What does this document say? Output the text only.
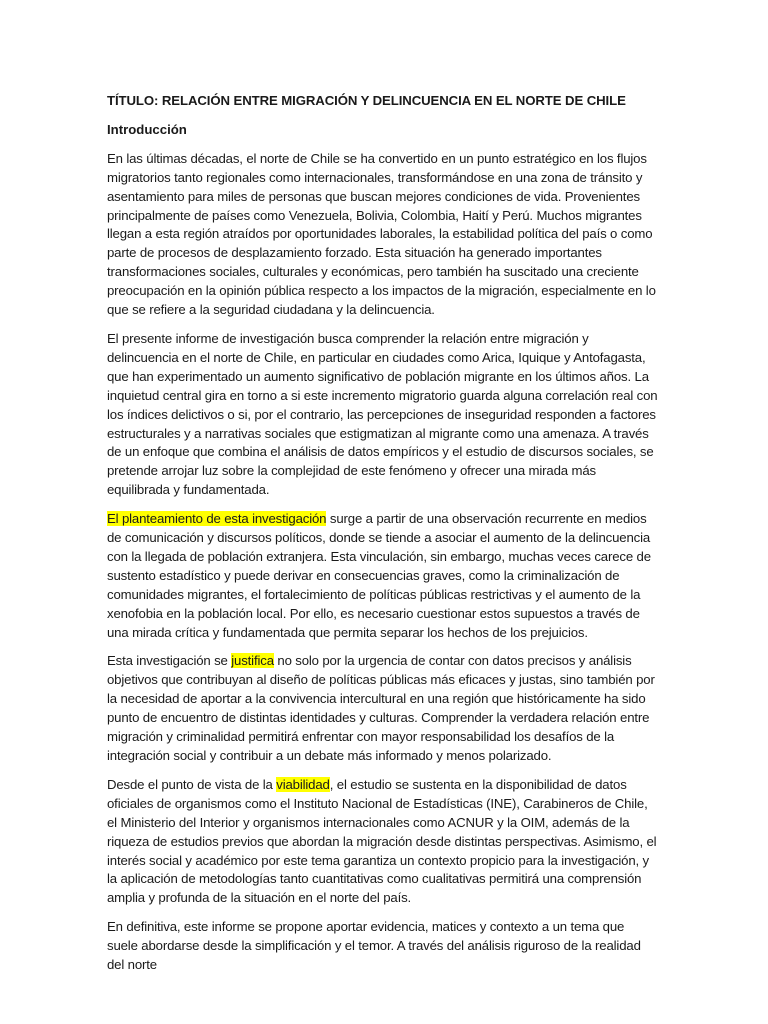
TÍTULO: RELACIÓN ENTRE MIGRACIÓN Y DELINCUENCIA EN EL NORTE DE CHILE

Introducción

En las últimas décadas, el norte de Chile se ha convertido en un punto estratégico en los flujos migratorios tanto regionales como internacionales, transformándose en una zona de tránsito y asentamiento para miles de personas que buscan mejores condiciones de vida. Provenientes principalmente de países como Venezuela, Bolivia, Colombia, Haití y Perú. Muchos migrantes llegan a esta región atraídos por oportunidades laborales, la estabilidad política del país o como parte de procesos de desplazamiento forzado. Esta situación ha generado importantes transformaciones sociales, culturales y económicas, pero también ha suscitado una creciente preocupación en la opinión pública respecto a los impactos de la migración, especialmente en lo que se refiere a la seguridad ciudadana y la delincuencia.

El presente informe de investigación busca comprender la relación entre migración y delincuencia en el norte de Chile, en particular en ciudades como Arica, Iquique y Antofagasta, que han experimentado un aumento significativo de población migrante en los últimos años. La inquietud central gira en torno a si este incremento migratorio guarda alguna correlación real con los índices delictivos o si, por el contrario, las percepciones de inseguridad responden a factores estructurales y a narrativas sociales que estigmatizan al migrante como una amenaza. A través de un enfoque que combina el análisis de datos empíricos y el estudio de discursos sociales, se pretende arrojar luz sobre la complejidad de este fenómeno y ofrecer una mirada más equilibrada y fundamentada.

El planteamiento de esta investigación surge a partir de una observación recurrente en medios de comunicación y discursos políticos, donde se tiende a asociar el aumento de la delincuencia con la llegada de población extranjera. Esta vinculación, sin embargo, muchas veces carece de sustento estadístico y puede derivar en consecuencias graves, como la criminalización de comunidades migrantes, el fortalecimiento de políticas públicas restrictivas y el aumento de la xenofobia en la población local. Por ello, es necesario cuestionar estos supuestos a través de una mirada crítica y fundamentada que permita separar los hechos de los prejuicios.

Esta investigación se justifica no solo por la urgencia de contar con datos precisos y análisis objetivos que contribuyan al diseño de políticas públicas más eficaces y justas, sino también por la necesidad de aportar a la convivencia intercultural en una región que históricamente ha sido punto de encuentro de distintas identidades y culturas. Comprender la verdadera relación entre migración y criminalidad permitirá enfrentar con mayor responsabilidad los desafíos de la integración social y contribuir a un debate más informado y menos polarizado.

Desde el punto de vista de la viabilidad, el estudio se sustenta en la disponibilidad de datos oficiales de organismos como el Instituto Nacional de Estadísticas (INE), Carabineros de Chile, el Ministerio del Interior y organismos internacionales como ACNUR y la OIM, además de la riqueza de estudios previos que abordan la migración desde distintas perspectivas. Asimismo, el interés social y académico por este tema garantiza un contexto propicio para la investigación, y la aplicación de metodologías tanto cuantitativas como cualitativas permitirá una comprensión amplia y profunda de la situación en el norte del país.

En definitiva, este informe se propone aportar evidencia, matices y contexto a un tema que suele abordarse desde la simplificación y el temor. A través del análisis riguroso de la realidad del norte
